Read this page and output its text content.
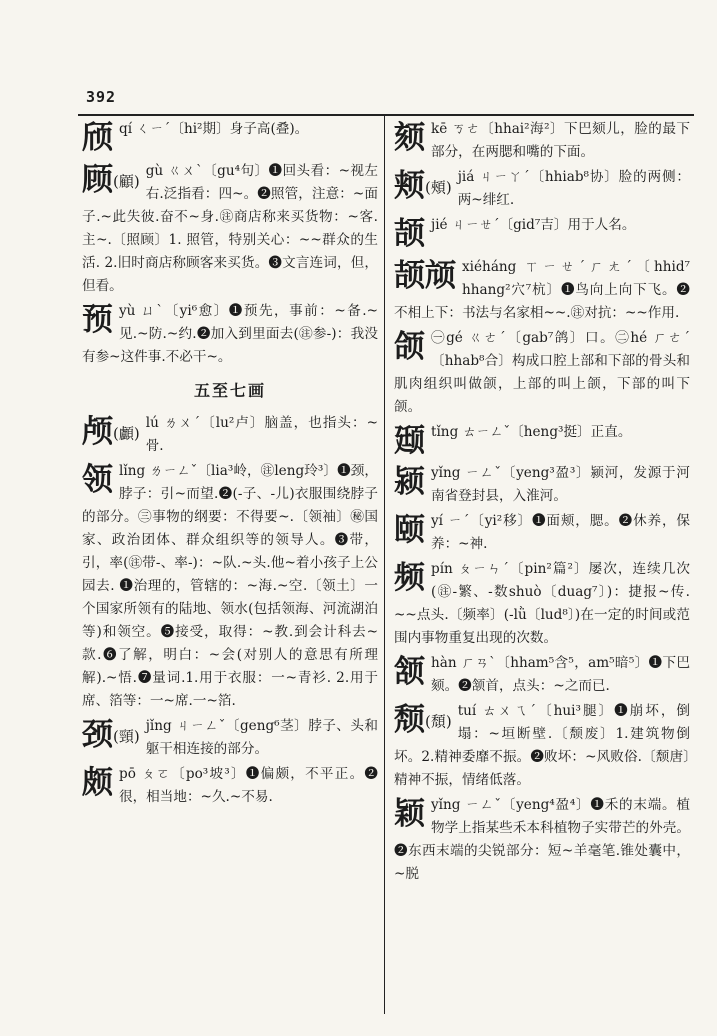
392
颀 qí ㄑㄧˊ〔hi²期〕身子高(叠)。
顾(顧)
gù ㄍㄨˋ〔gu⁴句〕❶回头看：~视左右.泛指看：四~。❷照管，注意：~面子.~此失彼.奋不~身.㊟商店称来买货物：~客. 主~.〔照顾〕1. 照管，特别关心：~~群众的生活. 2.旧时商店称顾客来买货。❸文言连词，但，但看。
预 yù ㄩˋ〔yi⁶愈〕❶预先，事前：~备.~见.~防.~约.❷加入到里面去(㊟参-)：我没有参~这件事.不必干~。
五至七画
颅(顱)
lú ㄌㄨˊ〔lu²卢〕脑盖，也指头：~骨.
领 lǐng ㄌㄧㄥˇ〔lia³岭，㊟leng玲³〕❶颈，脖子：引~而望.❷(-子、-儿)衣服围绕脖子的部分。㊂事物的纲要：不得要~.〔领袖〕㊙国家、政治团体、群众组织等的领导人。❸带，引，率(㊟带-、率-)：~队.~头.他~着小孩子上公园去. ❶治理的，管辖的：~海.~空.〔领土〕一个国家所领有的陆地、领水(包括领海、河流湖泊等)和领空。❺接受，取得：~教.到会计科去~款.❻了解，明白：~会(对别人的意思有所理解).~悟.❼量词.1.用于衣服：一~青衫. 2.用于席、箔等：一~席.一~箔.
颈(頸)
jǐng ㄐㄧㄥˇ〔geng⁶茎〕脖子、头和躯干相连接的部分。
颇 pō ㄆㄛ〔po³坡³〕❶偏颇，不平正。❷很，相当地：~久.~不易.
颏 kē ㄎㄜ〔hhai²海²〕下巴颏儿，脸的最下部分，在两腮和嘴的下面。
颊(頰)
jiá ㄐㄧㄚˊ〔hhiab⁸协〕脸的两侧：两~绯红.
颉 jié ㄐㄧㄝˊ〔gid⁷吉〕用于人名。
颉颃 xiéháng ㄒㄧㄝˊㄏㄤˊ〔hhid⁷ hhang²穴⁷杭〕❶鸟向上向下飞。❷不相上下：书法与名家相~~.㊟对抗：~~作用.
颌 ㊀gé ㄍㄜˊ〔gab⁷鸽〕口。㊁hé ㄏㄜˊ〔hhab⁸合〕构成口腔上部和下部的骨头和肌肉组织叫做颌，上部的叫上颌，下部的叫下颌。
颋 tǐng ㄊㄧㄥˇ〔heng³挺〕正直。
颍 yǐng ㄧㄥˇ〔yeng³盈³〕颍河，发源于河南省登封县，入淮河。
颐 yí ㄧˊ〔yi²移〕❶面颊，腮。❷休养，保养：~神.
频 pín ㄆㄧㄣˊ〔pin²篇²〕屡次，连续几次(㊟-繁、-数shuò〔duag⁷〕)：捷报~传. ~~点头.〔频率〕(-lǜ〔lud⁸〕)在一定的时间或范围内事物重复出现的次数。
颔 hàn ㄏㄢˋ〔hham⁵含⁵，am⁵暗⁵〕❶下巴颏。❷颔首，点头：~之而已.
颓(頹)
tuí ㄊㄨㄟˊ〔hui³腿〕❶崩坏，倒塌：~垣断壁.〔颓废〕1.建筑物倒坏。2.精神委靡不振。❷败坏：~风败俗.〔颓唐〕精神不振，情绪低落。
颖 yǐng ㄧㄥˇ〔yeng⁴盈⁴〕❶禾的末端。植物学上指某些禾本科植物子实带芒的外壳。❷东西末端的尖锐部分：短~羊毫笔.锥处囊中，~脱
